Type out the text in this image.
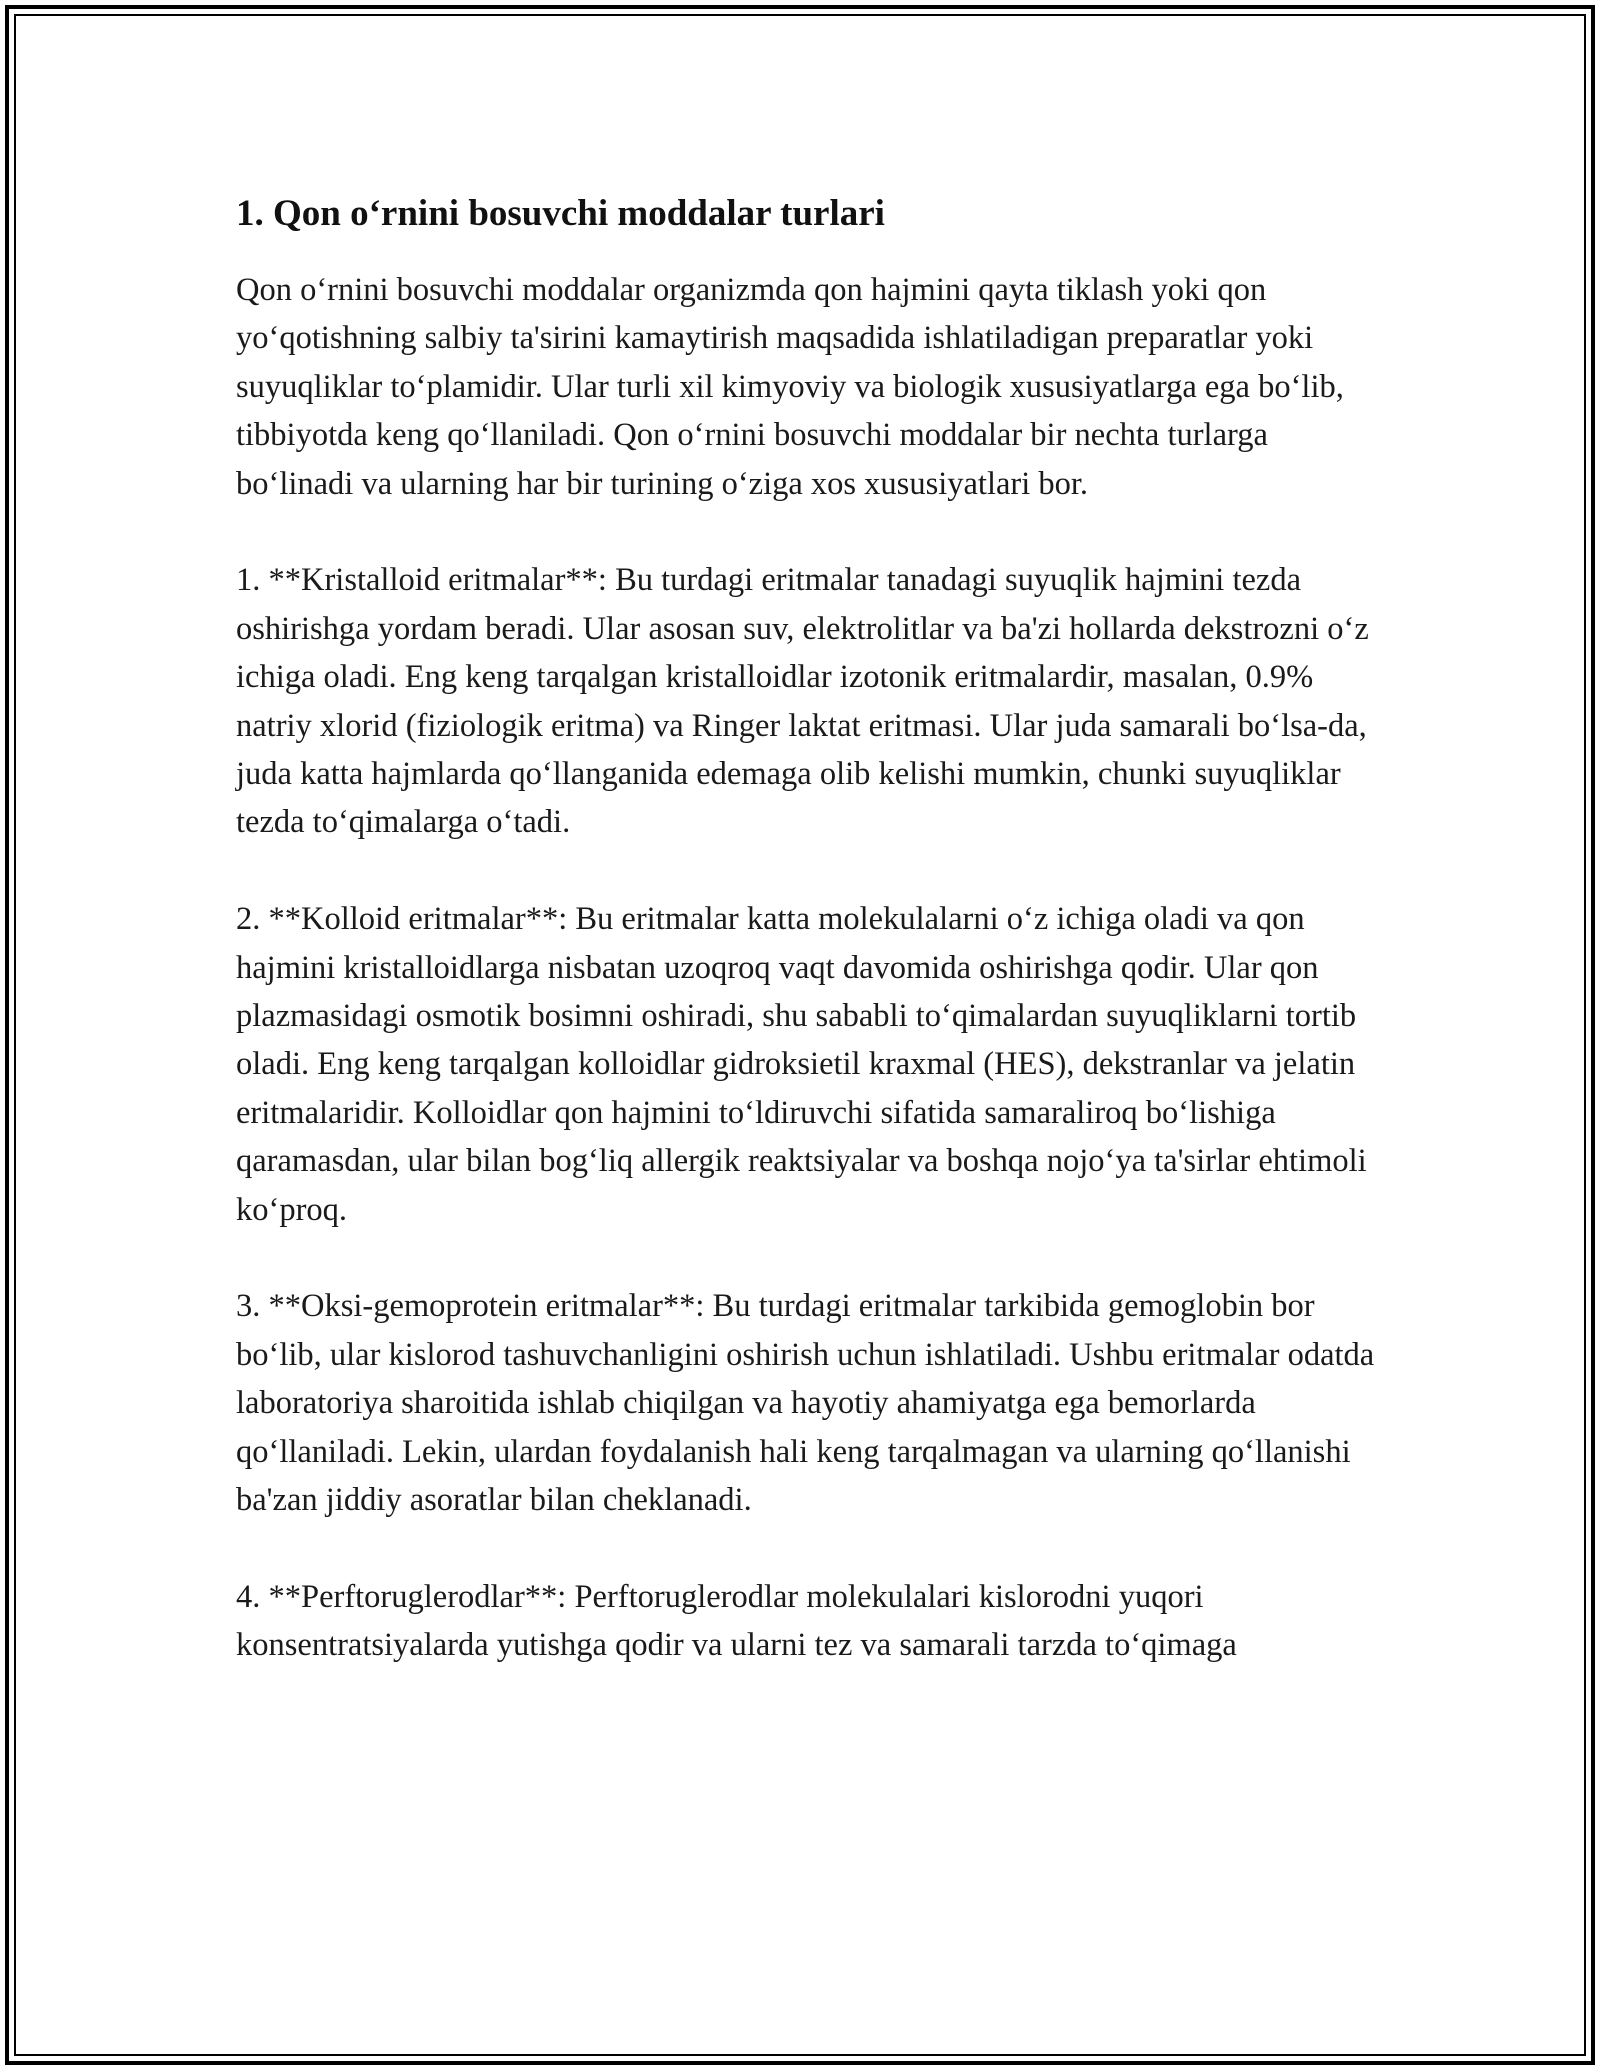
1. Qon o‘rnini bosuvchi moddalar turlari

Qon o‘rnini bosuvchi moddalar organizmda qon hajmini qayta tiklash yoki qon yo‘qotishning salbiy ta'sirini kamaytirish maqsadida ishlatiladigan preparatlar yoki suyuqliklar to‘plamidir. Ular turli xil kimyoviy va biologik xususiyatlarga ega bo‘lib, tibbiyotda keng qo‘llaniladi. Qon o‘rnini bosuvchi moddalar bir nechta turlarga bo‘linadi va ularning har bir turining o‘ziga xos xususiyatlari bor.

1. **Kristalloid eritmalar**: Bu turdagi eritmalar tanadagi suyuqlik hajmini tezda oshirishga yordam beradi. Ular asosan suv, elektrolitlar va ba'zi hollarda dekstrozni o‘z ichiga oladi. Eng keng tarqalgan kristalloidlar izotonik eritmalardir, masalan, 0.9% natriy xlorid (fiziologik eritma) va Ringer laktat eritmasi. Ular juda samarali bo‘lsa-da, juda katta hajmlarda qo‘llanganida edemaga olib kelishi mumkin, chunki suyuqliklar tezda to‘qimalarga o‘tadi.

2. **Kolloid eritmalar**: Bu eritmalar katta molekulalarni o‘z ichiga oladi va qon hajmini kristalloidlarga nisbatan uzoqroq vaqt davomida oshirishga qodir. Ular qon plazmasidagi osmotik bosimni oshiradi, shu sababli to‘qimalardan suyuqliklarni tortib oladi. Eng keng tarqalgan kolloidlar gidroksietil kraxmal (HES), dekstranlar va jelatin eritmalaridir. Kolloidlar qon hajmini to‘ldiruvchi sifatida samaraliroq bo‘lishiga qaramasdan, ular bilan bog‘liq allergik reaktsiyalar va boshqa nojo‘ya ta'sirlar ehtimoli ko‘proq.

3. **Oksi-gemoprotein eritmalar**: Bu turdagi eritmalar tarkibida gemoglobin bor bo‘lib, ular kislorod tashuvchanligini oshirish uchun ishlatiladi. Ushbu eritmalar odatda laboratoriya sharoitida ishlab chiqilgan va hayotiy ahamiyatga ega bemorlarda qo‘llaniladi. Lekin, ulardan foydalanish hali keng tarqalmagan va ularning qo‘llanishi ba'zan jiddiy asoratlar bilan cheklanadi.

4. **Perftoruglerodlar**: Perftoruglerodlar molekulalari kislorodni yuqori konsentratsiyalarda yutishga qodir va ularni tez va samarali tarzda to‘qimaga
